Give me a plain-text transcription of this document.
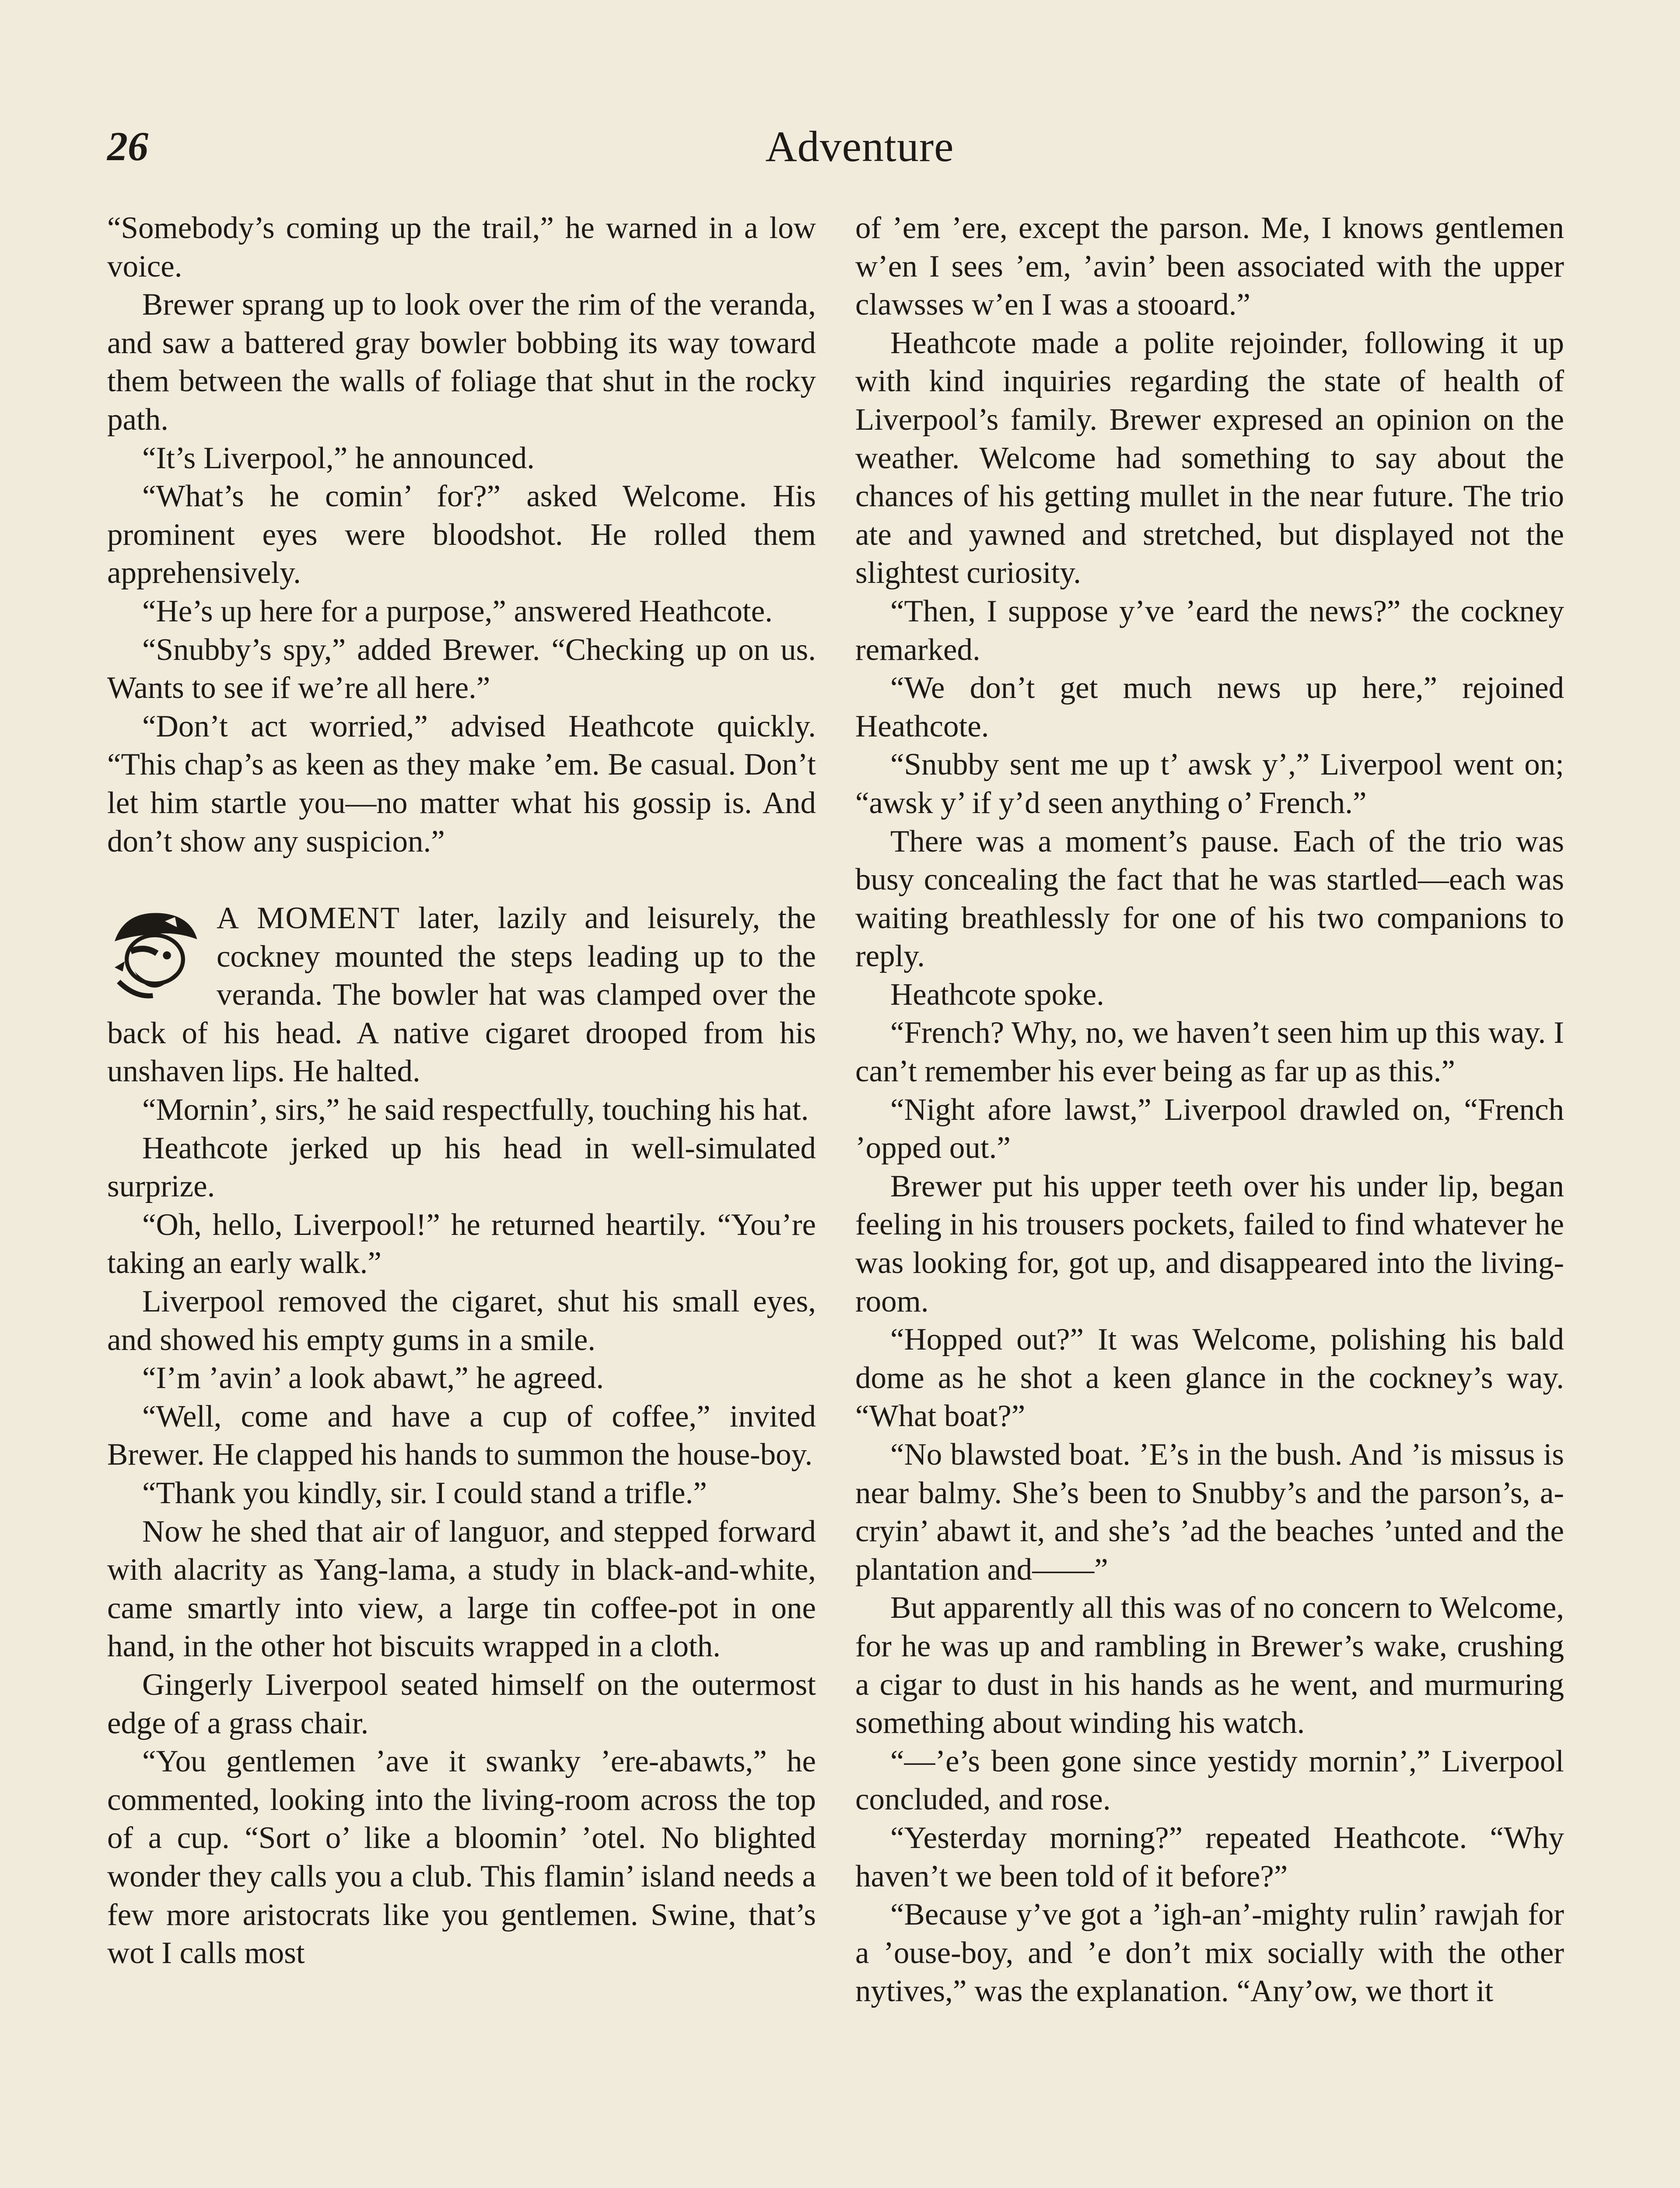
26	Adventure

“Somebody’s coming up the trail,” he warned in a low voice.

Brewer sprang up to look over the rim of the veranda, and saw a battered gray bowler bobbing its way toward them between the walls of foliage that shut in the rocky path.

“It’s Liverpool,” he announced.

“What’s he comin’ for?” asked Welcome. His prominent eyes were bloodshot. He rolled them apprehensively.

“He’s up here for a purpose,” answered Heathcote.

“Snubby’s spy,” added Brewer. “Checking up on us. Wants to see if we’re all here.”

“Don’t act worried,” advised Heathcote quickly. “This chap’s as keen as they make ’em. Be casual. Don’t let him startle you—no matter what his gossip is. And don’t show any suspicion.”

A MOMENT later, lazily and leisurely, the cockney mounted the steps leading up to the veranda. The bowler hat was clamped over the back of his head. A native cigaret drooped from his unshaven lips. He halted.

“Mornin’, sirs,” he said respectfully, touching his hat.

Heathcote jerked up his head in well-simulated surprize.

“Oh, hello, Liverpool!” he returned heartily. “You’re taking an early walk.”

Liverpool removed the cigaret, shut his small eyes, and showed his empty gums in a smile.

“I’m ’avin’ a look abawt,” he agreed.

“Well, come and have a cup of coffee,” invited Brewer. He clapped his hands to summon the house-boy.

“Thank you kindly, sir. I could stand a trifle.”

Now he shed that air of languor, and stepped forward with alacrity as Yang-lama, a study in black-and-white, came smartly into view, a large tin coffee-pot in one hand, in the other hot biscuits wrapped in a cloth.

Gingerly Liverpool seated himself on the outermost edge of a grass chair.

“You gentlemen ’ave it swanky ’ere-abawts,” he commented, looking into the living-room across the top of a cup. “Sort o’ like a bloomin’ ’otel. No blighted wonder they calls you a club. This flamin’ island needs a few more aristocrats like you gentlemen. Swine, that’s wot I calls most

of ’em ’ere, except the parson. Me, I knows gentlemen w’en I sees ’em, ’avin’ been associated with the upper clawsses w’en I was a stooard.”

Heathcote made a polite rejoinder, following it up with kind inquiries regarding the state of health of Liverpool’s family. Brewer expresed an opinion on the weather. Welcome had something to say about the chances of his getting mullet in the near future. The trio ate and yawned and stretched, but displayed not the slightest curiosity.

“Then, I suppose y’ve ’eard the news?” the cockney remarked.

“We don’t get much news up here,” rejoined Heathcote.

“Snubby sent me up t’ awsk y’,” Liverpool went on; “awsk y’ if y’d seen anything o’ French.”

There was a moment’s pause. Each of the trio was busy concealing the fact that he was startled—each was waiting breathlessly for one of his two companions to reply.

Heathcote spoke.

“French? Why, no, we haven’t seen him up this way. I can’t remember his ever being as far up as this.”

“Night afore lawst,” Liverpool drawled on, “French ’opped out.”

Brewer put his upper teeth over his under lip, began feeling in his trousers pockets, failed to find whatever he was looking for, got up, and disappeared into the living-room.

“Hopped out?” It was Welcome, polishing his bald dome as he shot a keen glance in the cockney’s way. “What boat?”

“No blawsted boat. ’E’s in the bush. And ’is missus is near balmy. She’s been to Snubby’s and the parson’s, a-cryin’ abawt it, and she’s ’ad the beaches ’unted and the plantation and——”

But apparently all this was of no concern to Welcome, for he was up and rambling in Brewer’s wake, crushing a cigar to dust in his hands as he went, and murmuring something about winding his watch.

“—’e’s been gone since yestidy mornin’,” Liverpool concluded, and rose.

“Yesterday morning?” repeated Heathcote. “Why haven’t we been told of it before?”

“Because y’ve got a ’igh-an’-mighty rulin’ rawjah for a ’ouse-boy, and ’e don’t mix socially with the other nytives,” was the explanation. “Any’ow, we thort it
